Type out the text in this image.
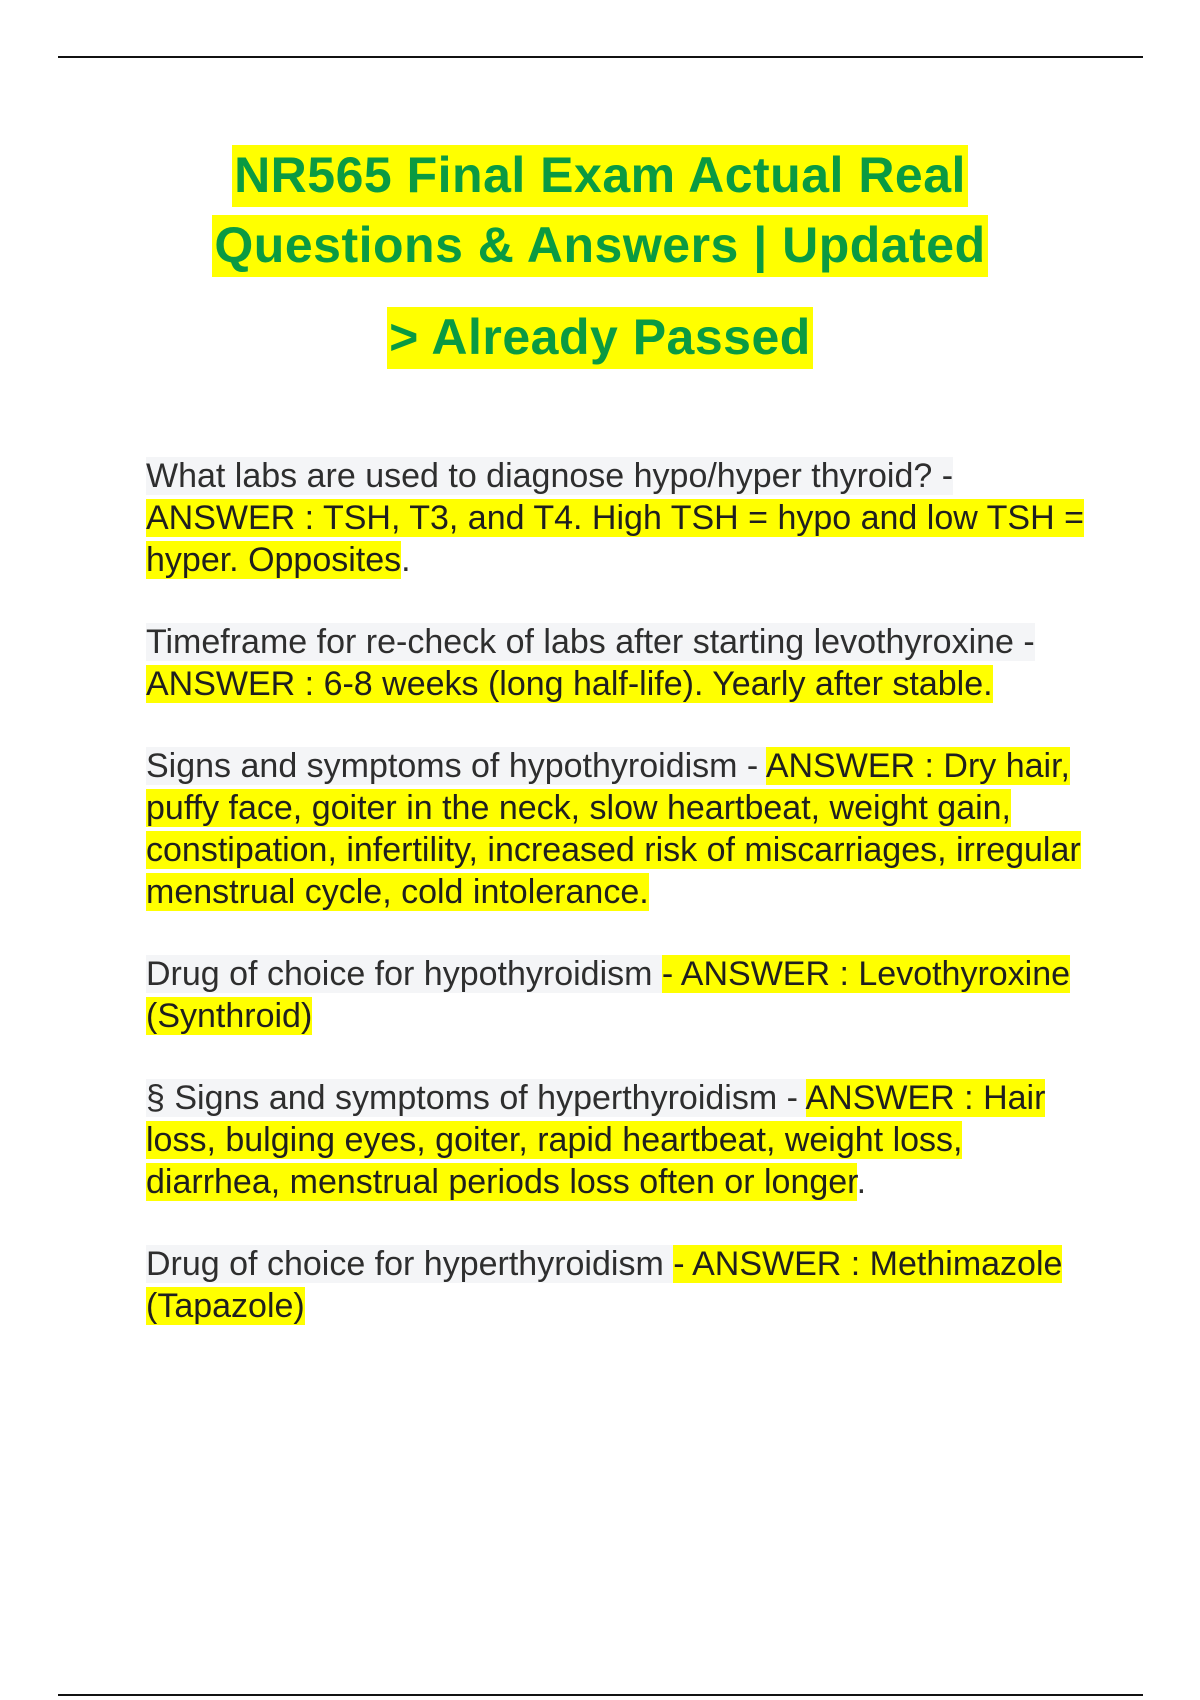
NR565 Final Exam Actual Real
Questions & Answers | Updated
> Already Passed
What labs are used to diagnose hypo/hyper thyroid? - ANSWER : TSH, T3, and T4. High TSH = hypo and low TSH = hyper. Opposites.
Timeframe for re-check of labs after starting levothyroxine - ANSWER : 6-8 weeks (long half-life). Yearly after stable.
Signs and symptoms of hypothyroidism - ANSWER : Dry hair, puffy face, goiter in the neck, slow heartbeat, weight gain, constipation, infertility, increased risk of miscarriages, irregular menstrual cycle, cold intolerance.
Drug of choice for hypothyroidism - ANSWER : Levothyroxine (Synthroid)
§ Signs and symptoms of hyperthyroidism - ANSWER : Hair loss, bulging eyes, goiter, rapid heartbeat, weight loss, diarrhea, menstrual periods loss often or longer.
Drug of choice for hyperthyroidism - ANSWER : Methimazole (Tapazole)
